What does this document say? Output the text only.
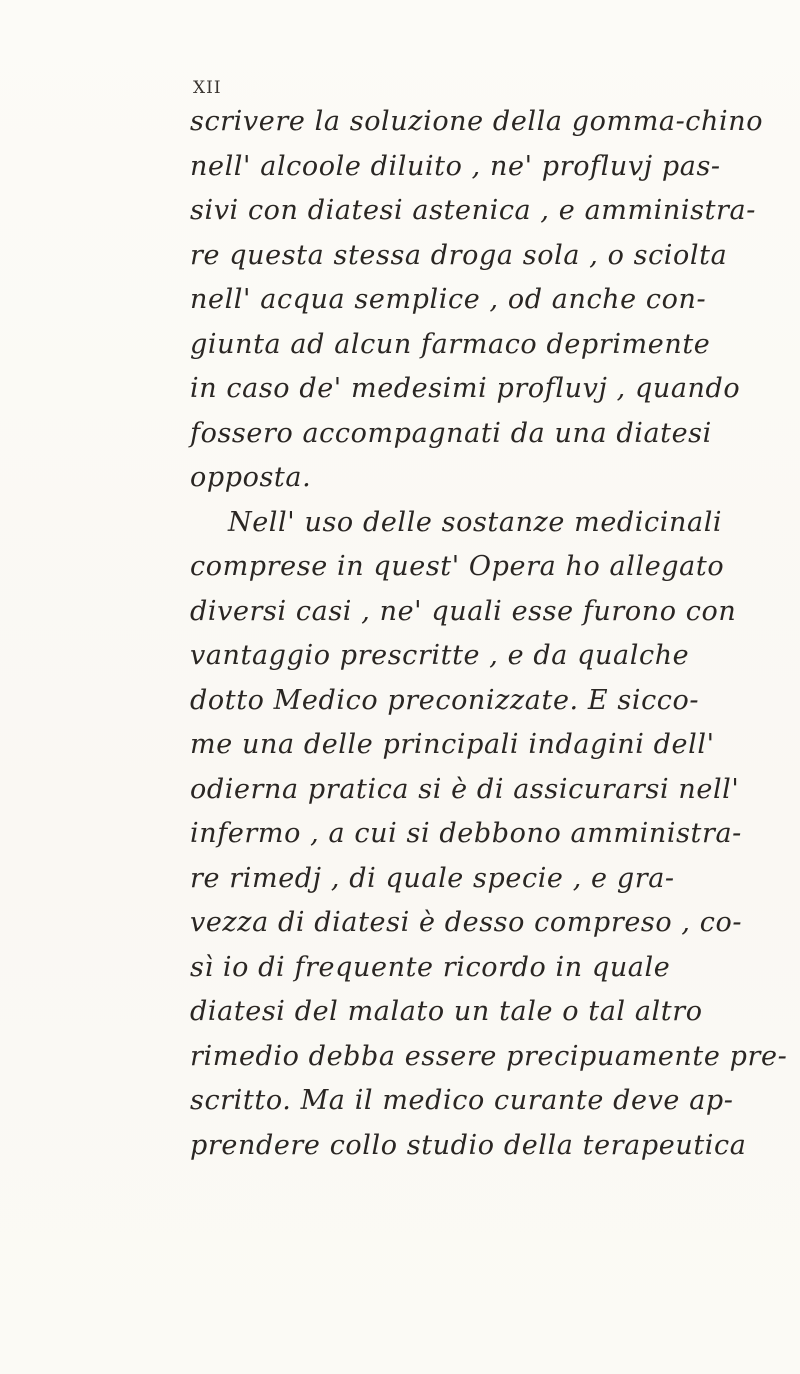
XII
scrivere la soluzione della gomma-chino
nell' alcoole diluito , ne' profluvj pas-
sivi con diatesi astenica , e amministra-
re questa stessa droga sola , o sciolta
nell' acqua semplice , od anche con-
giunta ad alcun farmaco deprimente
in caso de' medesimi profluvj , quando
fossero accompagnati da una diatesi
opposta.
Nell' uso delle sostanze medicinali
comprese in quest' Opera ho allegato
diversi casi , ne' quali esse furono con
vantaggio prescritte , e da qualche
dotto Medico preconizzate. E sicco-
me una delle principali indagini dell'
odierna pratica si è di assicurarsi nell'
infermo , a cui si debbono amministra-
re rimedj , di quale specie , e gra-
vezza di diatesi è desso compreso , co-
sì io di frequente ricordo in quale
diatesi del malato un tale o tal altro
rimedio debba essere precipuamente pre-
scritto. Ma il medico curante deve ap-
prendere collo studio della terapeutica
